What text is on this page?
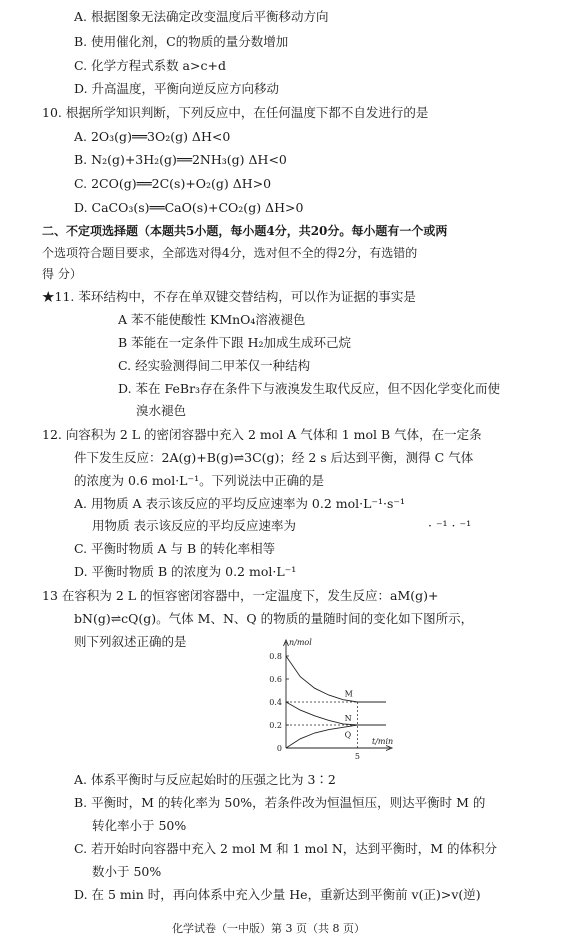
A. 根据图象无法确定改变温度后平衡移动方向
B. 使用催化剂，C的物质的量分数增加
C. 化学方程式系数 a>c+d
D. 升高温度，平衡向逆反应方向移动
10. 根据所学知识判断，下列反应中，在任何温度下都不自发进行的是
A. 2O₃(g)══3O₂(g) ΔH<0
B. N₂(g)+3H₂(g)══2NH₃(g) ΔH<0
C. 2CO(g)══2C(s)+O₂(g) ΔH>0
D. CaCO₃(s)══CaO(s)+CO₂(g) ΔH>0
二、不定项选择题（本题共5小题，每小题4分，共20分。每小题有一个或两
个选项符合题目要求，全部选对得4分，选对但不全的得2分，有选错的
得 分）
★11. 苯环结构中，不存在单双键交替结构，可以作为证据的事实是
A 苯不能使酸性 KMnO₄溶液褪色
B 苯能在一定条件下跟 H₂加成生成环己烷
C. 经实验测得间二甲苯仅一种结构
D. 苯在 FeBr₃存在条件下与液溴发生取代反应，但不因化学变化而使
溴水褪色
12. 向容积为 2 L 的密闭容器中充入 2 mol A 气体和 1 mol B 气体，在一定条
件下发生反应：2A(g)+B(g)⇌3C(g)；经 2 s 后达到平衡，测得 C 气体
的浓度为 0.6 mol·L⁻¹。下列说法中正确的是
A. 用物质 A 表示该反应的平均反应速率为 0.2 mol·L⁻¹·s⁻¹
用物质 表示该反应的平均反应速率为	· ⁻¹ · ⁻¹
C. 平衡时物质 A 与 B 的转化率相等
D. 平衡时物质 B 的浓度为 0.2 mol·L⁻¹
13 在容积为 2 L 的恒容密闭容器中，一定温度下，发生反应：aM(g)+
bN(g)⇌cQ(g)。气体 M、N、Q 的物质的量随时间的变化如下图所示，
则下列叙述正确的是
0.8
0.6
0.4
0.2
0
5
n/mol
t/min
M
N
Q
A. 体系平衡时与反应起始时的压强之比为 3∶2
B. 平衡时，M 的转化率为 50%，若条件改为恒温恒压，则达平衡时 M 的
转化率小于 50%
C. 若开始时向容器中充入 2 mol M 和 1 mol N，达到平衡时，M 的体积分
数小于 50%
D. 在 5 min 时，再向体系中充入少量 He，重新达到平衡前 v(正)>v(逆)
化学试卷（一中版）第 3 页（共 8 页）
